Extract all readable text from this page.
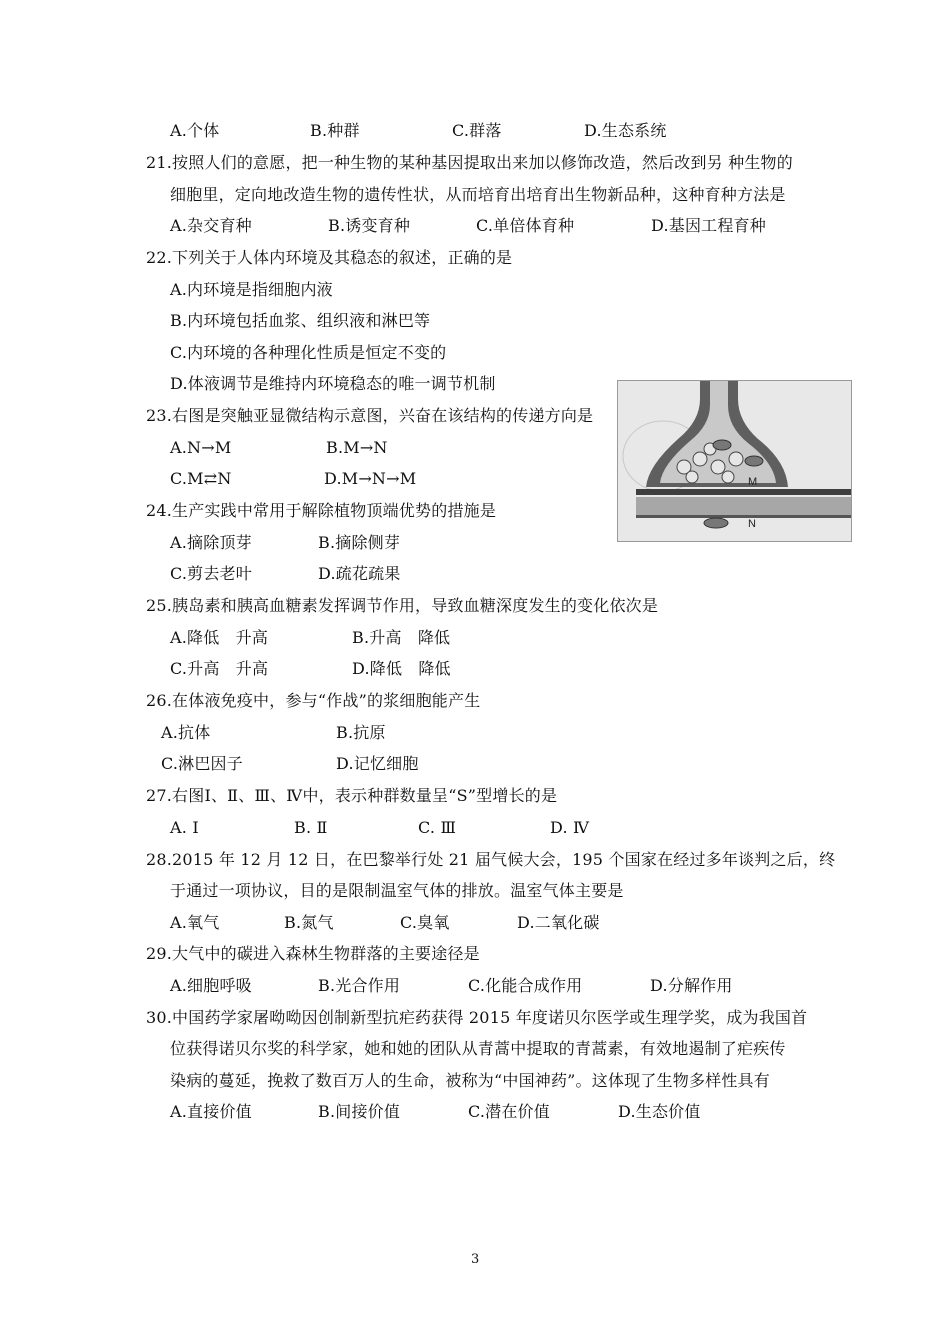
A.个体	B.种群	C.群落	D.生态系统
21.按照人们的意愿，把一种生物的某种基因提取出来加以修饰改造，然后改到另 种生物的
细胞里，定向地改造生物的遗传性状，从而培育出培育出生物新品种，这种育种方法是
A.杂交育种	B.诱变育种	C.单倍体育种	D.基因工程育种
22.下列关于人体内环境及其稳态的叙述，正确的是
A.内环境是指细胞内液
B.内环境包括血浆、组织液和淋巴等
C.内环境的各种理化性质是恒定不变的
D.体液调节是维持内环境稳态的唯一调节机制
M
N
23.右图是突触亚显微结构示意图，兴奋在该结构的传递方向是
A.N→M	B.M→N
C.M⇄N	D.M→N→M
24.生产实践中常用于解除植物顶端优势的措施是
A.摘除顶芽	B.摘除侧芽
C.剪去老叶	D.疏花疏果
25.胰岛素和胰高血糖素发挥调节作用，导致血糖深度发生的变化依次是
A.降低　升高	B.升高　降低
C.升高　升高	D.降低　降低
26.在体液免疫中，参与“作战”的浆细胞能产生
A.抗体	B.抗原
C.淋巴因子	D.记忆细胞
27.右图Ⅰ、Ⅱ、Ⅲ、Ⅳ中，表示种群数量呈“S”型增长的是
A. Ⅰ	B. Ⅱ	C. Ⅲ	D. Ⅳ
28.2015 年 12 月 12 日，在巴黎举行处 21 届气候大会，195 个国家在经过多年谈判之后，终
于通过一项协议，目的是限制温室气体的排放。温室气体主要是
A.氧气	B.氮气	C.臭氧	D.二氧化碳
29.大气中的碳进入森林生物群落的主要途径是
A.细胞呼吸	B.光合作用	C.化能合成作用	D.分解作用
30.中国药学家屠呦呦因创制新型抗疟药获得 2015 年度诺贝尔医学或生理学奖，成为我国首
位获得诺贝尔奖的科学家，她和她的团队从青蒿中提取的青蒿素，有效地遏制了疟疾传
染病的蔓延，挽救了数百万人的生命，被称为“中国神药”。这体现了生物多样性具有
A.直接价值	B.间接价值	C.潜在价值	D.生态价值
3
